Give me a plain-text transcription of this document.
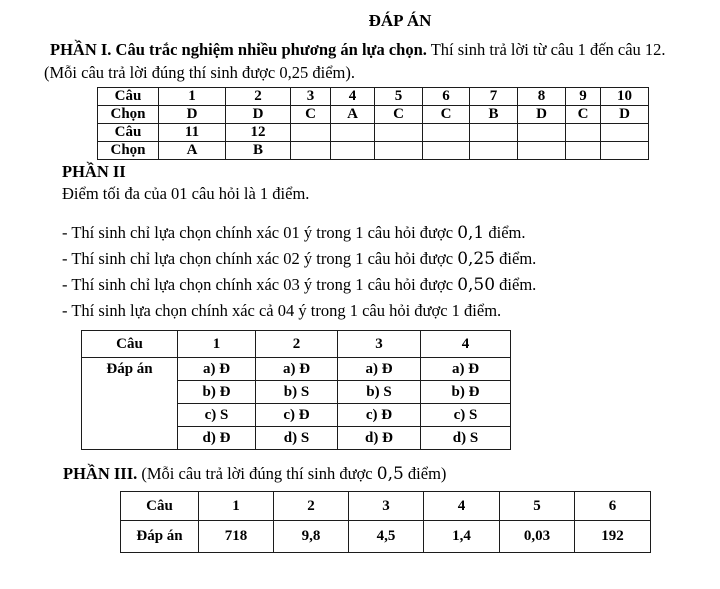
ĐÁP ÁN
PHẦN I. Câu trắc nghiệm nhiều phương án lựa chọn. Thí sinh trả lời từ câu 1 đến câu 12.
(Mỗi câu trả lời đúng thí sinh được 0,25 điểm).
Câu	1	2	3	4	5	6	7	8	9	10
Chọn	D	D	C	A	C	C	B	D	C	D
Câu	11	12								
Chọn	A	B								
PHẦN II
Điểm tối đa của 01 câu hỏi là 1 điểm.
- Thí sinh chỉ lựa chọn chính xác 01 ý trong 1 câu hỏi được 0,1 điểm.
- Thí sinh chỉ lựa chọn chính xác 02 ý trong 1 câu hỏi được 0,25 điểm.
- Thí sinh chỉ lựa chọn chính xác 03 ý trong 1 câu hỏi được 0,50 điểm.
- Thí sinh lựa chọn chính xác cả 04 ý trong 1 câu hỏi được 1 điểm.
Câu	1	2	3	4
Đáp án	a) Đ	a) Đ	a) Đ	a) Đ
	b) Đ	b) S	b) S	b) Đ
	c) S	c) Đ	c) Đ	c) S
	d) Đ	d) S	d) Đ	d) S
PHẦN III. (Mỗi câu trả lời đúng thí sinh được 0,5 điểm)
Câu	1	2	3	4	5	6
Đáp án	718	9,8	4,5	1,4	0,03	192
